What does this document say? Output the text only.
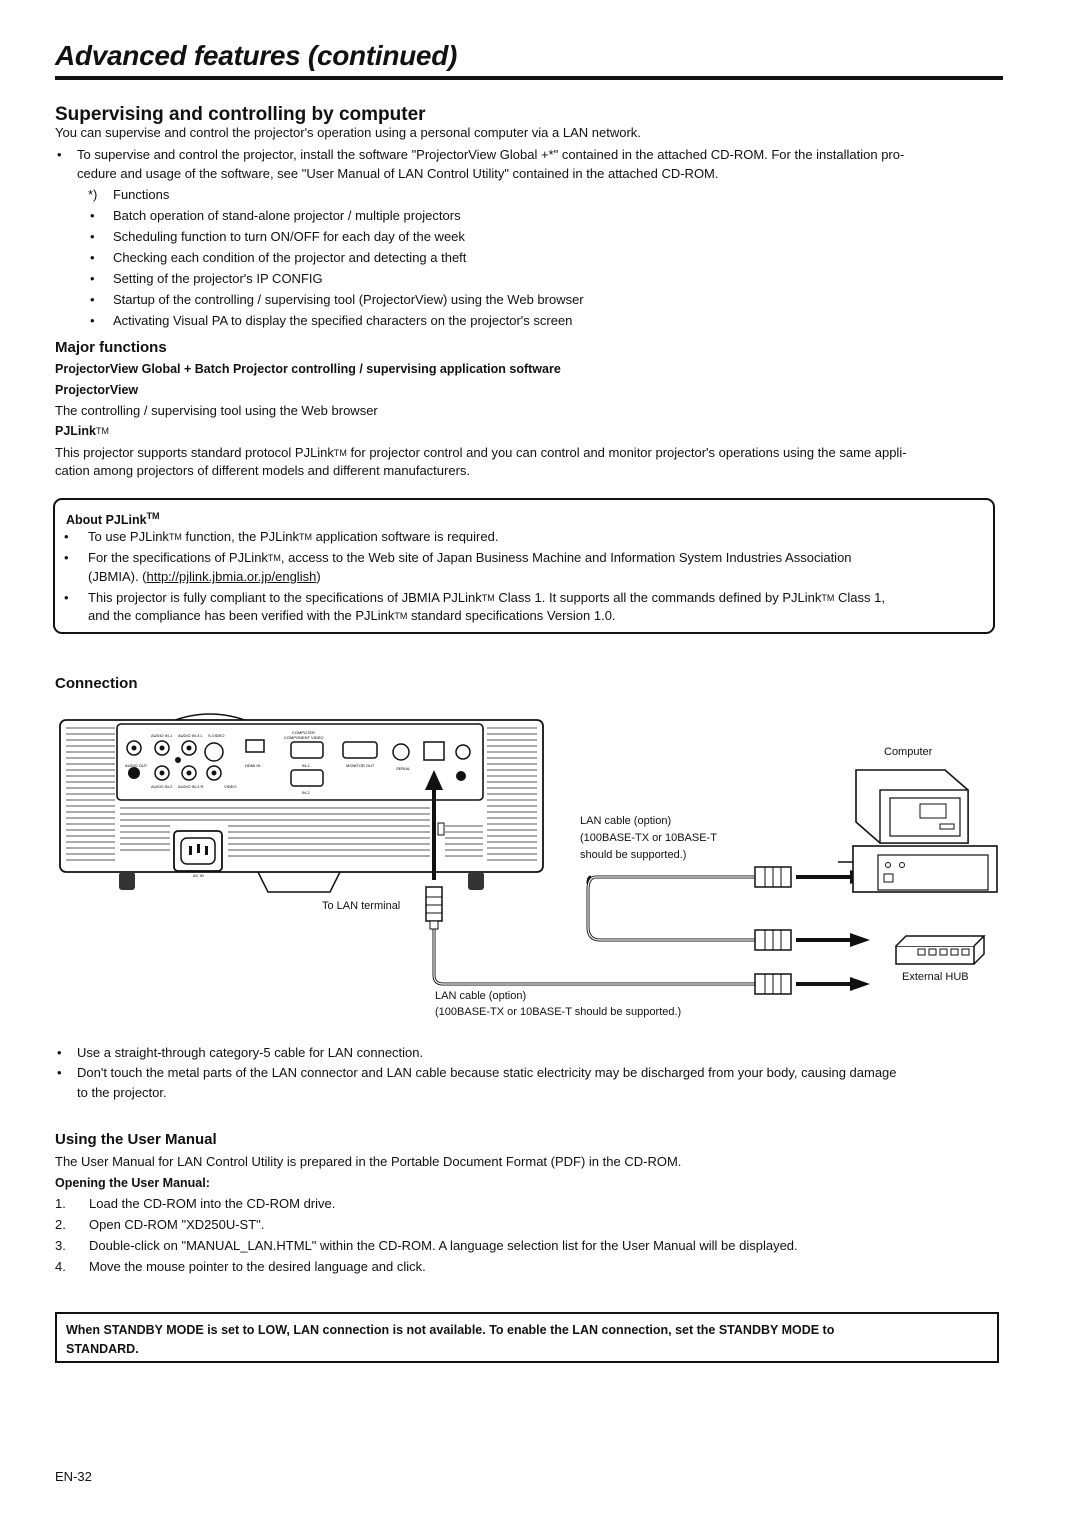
Advanced features (continued)
Supervising and controlling by computer
You can supervise and control the projector's operation using a personal computer via a LAN network.
• To supervise and control the projector, install the software "ProjectorView Global +*" contained in the attached CD-ROM. For the installation pro-
cedure and usage of the software, see "User Manual of LAN Control Utility" contained in the attached CD-ROM.
*) Functions
• Batch operation of stand-alone projector / multiple projectors
• Scheduling function to turn ON/OFF for each day of the week
• Checking each condition of the projector and detecting a theft
• Setting of the projector's IP CONFIG
• Startup of the controlling / supervising tool (ProjectorView) using the Web browser
• Activating Visual PA to display the specified characters on the projector's screen
Major functions
ProjectorView Global + Batch Projector controlling / supervising application software
ProjectorView
The controlling / supervising tool using the Web browser
PJLinkTM
This projector supports standard protocol PJLinkTM for projector control and you can control and monitor projector's operations using the same appli-
cation among projectors of different models and different manufacturers.
About PJLink™
• To use PJLinkTM function, the PJLinkTM application software is required.
• For the specifications of PJLinkTM, access to the Web site of Japan Business Machine and Information System Industries Association
(JBMIA). (http://pjlink.jbmia.or.jp/english)
• This projector is fully compliant to the specifications of JBMIA PJLinkTM Class 1. It supports all the commands defined by PJLinkTM Class 1,
and the compliance has been verified with the PJLinkTM standard specifications Version 1.0.
Connection
AUDIO IN-1 AUDIO IN-3 L S-VIDEO
COMPUTER
COMPONENT VIDEO
AUDIO OUT	HDMI IN	IN-1	MONITOR OUT
SERIAL
AUDIO IN-2 AUDIO IN-3 R	VIDEO
IN-2
AC IN
Computer
LAN cable (option)
(100BASE-TX or 10BASE-T
should be supported.)
To LAN terminal
External HUB
LAN cable (option)
(100BASE-TX or 10BASE-T should be supported.)
• Use a straight-through category-5 cable for LAN connection.
• Don't touch the metal parts of the LAN connector and LAN cable because static electricity may be discharged from your body, causing damage
to the projector.
Using the User Manual
The User Manual for LAN Control Utility is prepared in the Portable Document Format (PDF) in the CD-ROM.
Opening the User Manual:
1. Load the CD-ROM into the CD-ROM drive.
2. Open CD-ROM "XD250U-ST".
3. Double-click on "MANUAL_LAN.HTML" within the CD-ROM. A language selection list for the User Manual will be displayed.
4. Move the mouse pointer to the desired language and click.
When STANDBY MODE is set to LOW, LAN connection is not available. To enable the LAN connection, set the STANDBY MODE to
STANDARD.
EN-32
